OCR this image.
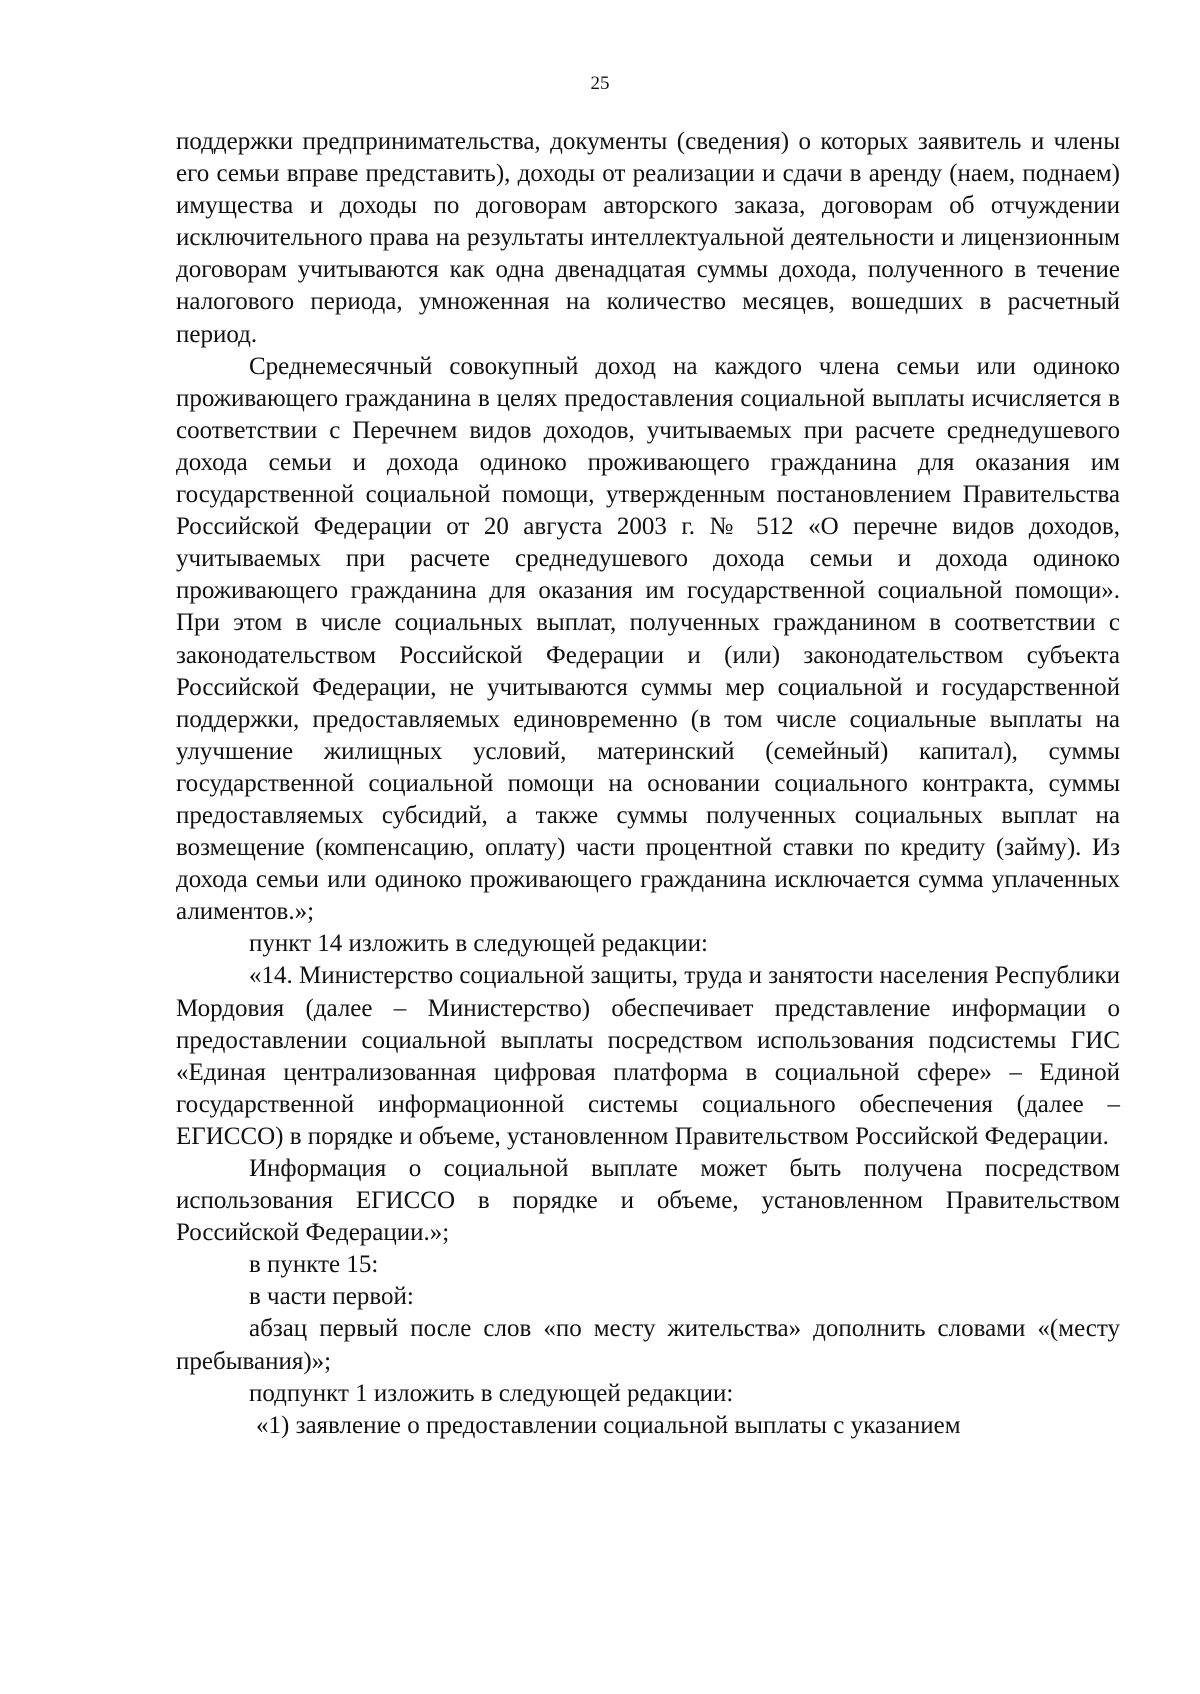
25

поддержки предпринимательства, документы (сведения) о которых заявитель и члены его семьи вправе представить), доходы от реализации и сдачи в аренду (наем, поднаем) имущества и доходы по договорам авторского заказа, договорам об отчуждении исключительного права на результаты интеллектуальной деятельности и лицензионным договорам учитываются как одна двенадцатая суммы дохода, полученного в течение налогового периода, умноженная на количество месяцев, вошедших в расчетный период.

Среднемесячный совокупный доход на каждого члена семьи или одиноко проживающего гражданина в целях предоставления социальной выплаты исчисляется в соответствии с Перечнем видов доходов, учитываемых при расчете среднедушевого дохода семьи и дохода одиноко проживающего гражданина для оказания им государственной социальной помощи, утвержденным постановлением Правительства Российской Федерации от 20 августа 2003 г. № 512 «О перечне видов доходов, учитываемых при расчете среднедушевого дохода семьи и дохода одиноко проживающего гражданина для оказания им государственной социальной помощи». При этом в числе социальных выплат, полученных гражданином в соответствии с законодательством Российской Федерации и (или) законодательством субъекта Российской Федерации, не учитываются суммы мер социальной и государственной поддержки, предоставляемых единовременно (в том числе социальные выплаты на улучшение жилищных условий, материнский (семейный) капитал), суммы государственной социальной помощи на основании социального контракта, суммы предоставляемых субсидий, а также суммы полученных социальных выплат на возмещение (компенсацию, оплату) части процентной ставки по кредиту (займу). Из дохода семьи или одиноко проживающего гражданина исключается сумма уплаченных алиментов.»;

пункт 14 изложить в следующей редакции:

«14. Министерство социальной защиты, труда и занятости населения Республики Мордовия (далее – Министерство) обеспечивает представление информации о предоставлении социальной выплаты посредством использования подсистемы ГИС «Единая централизованная цифровая платформа в социальной сфере» – Единой государственной информационной системы социального обеспечения (далее – ЕГИССО) в порядке и объеме, установленном Правительством Российской Федерации.

Информация о социальной выплате может быть получена посредством использования ЕГИССО в порядке и объеме, установленном Правительством Российской Федерации.»;

в пункте 15:

в части первой:

абзац первый после слов «по месту жительства» дополнить словами «(месту пребывания)»;

подпункт 1 изложить в следующей редакции:

«1) заявление о предоставлении социальной выплаты с указанием
